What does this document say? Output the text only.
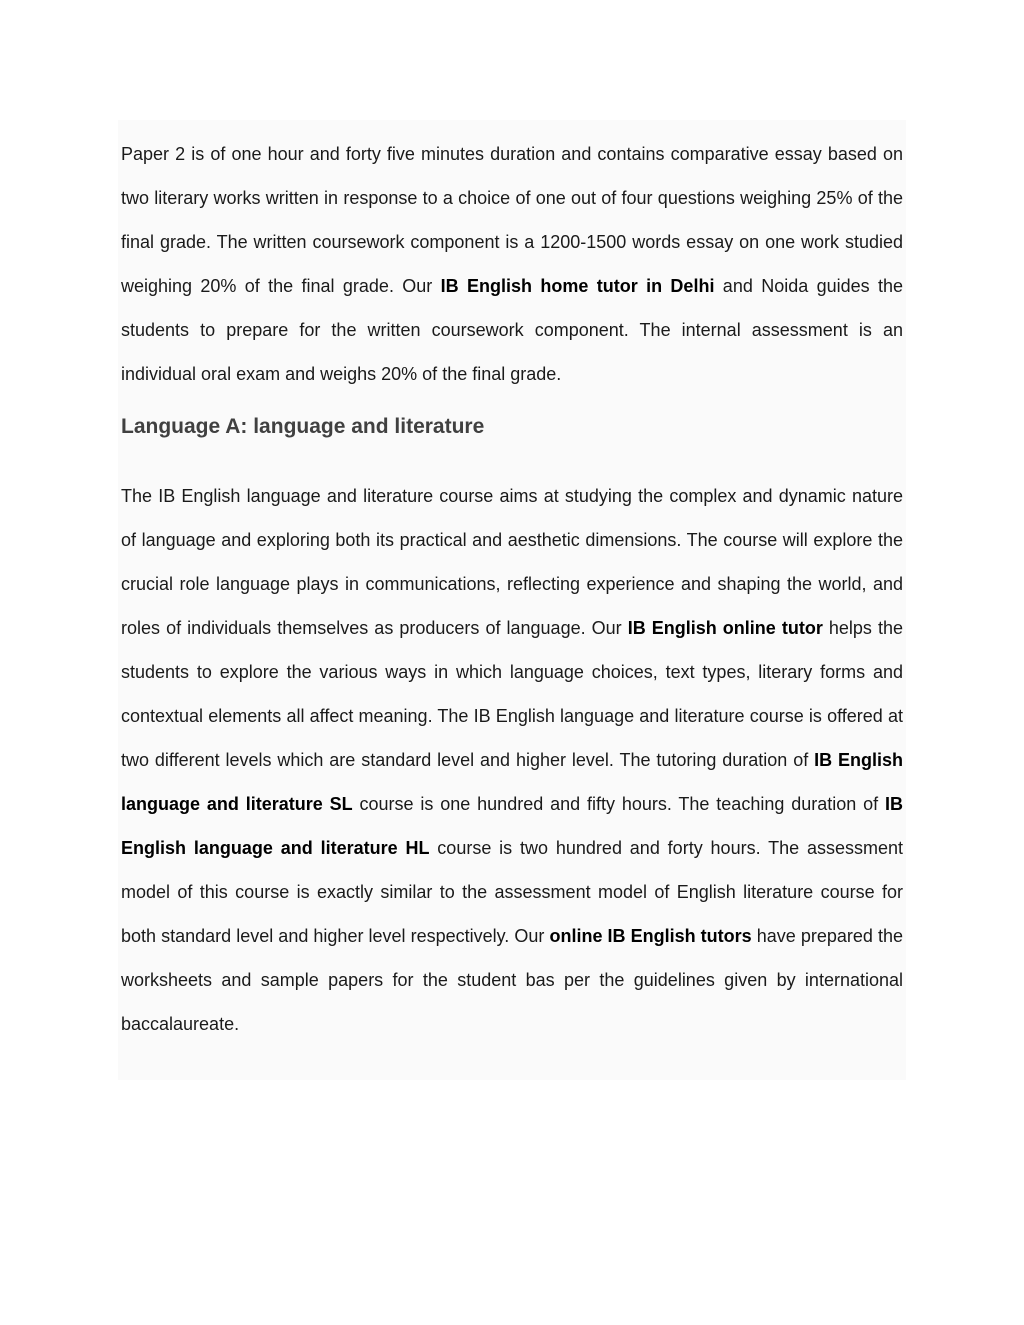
Paper 2 is of one hour and forty five minutes duration and contains comparative essay based on two literary works written in response to a choice of one out of four questions weighing 25% of the final grade. The written coursework component is a 1200-1500 words essay on one work studied weighing 20% of the final grade. Our IB English home tutor in Delhi and Noida guides the students to prepare for the written coursework component. The internal assessment is an individual oral exam and weighs 20% of the final grade.

Language A: language and literature

The IB English language and literature course aims at studying the complex and dynamic nature of language and exploring both its practical and aesthetic dimensions. The course will explore the crucial role language plays in communications, reflecting experience and shaping the world, and roles of individuals themselves as producers of language. Our IB English online tutor helps the students to explore the various ways in which language choices, text types, literary forms and contextual elements all affect meaning. The IB English language and literature course is offered at two different levels which are standard level and higher level. The tutoring duration of IB English language and literature SL course is one hundred and fifty hours. The teaching duration of IB English language and literature HL course is two hundred and forty hours. The assessment model of this course is exactly similar to the assessment model of English literature course for both standard level and higher level respectively. Our online IB English tutors have prepared the worksheets and sample papers for the student bas per the guidelines given by international baccalaureate.
